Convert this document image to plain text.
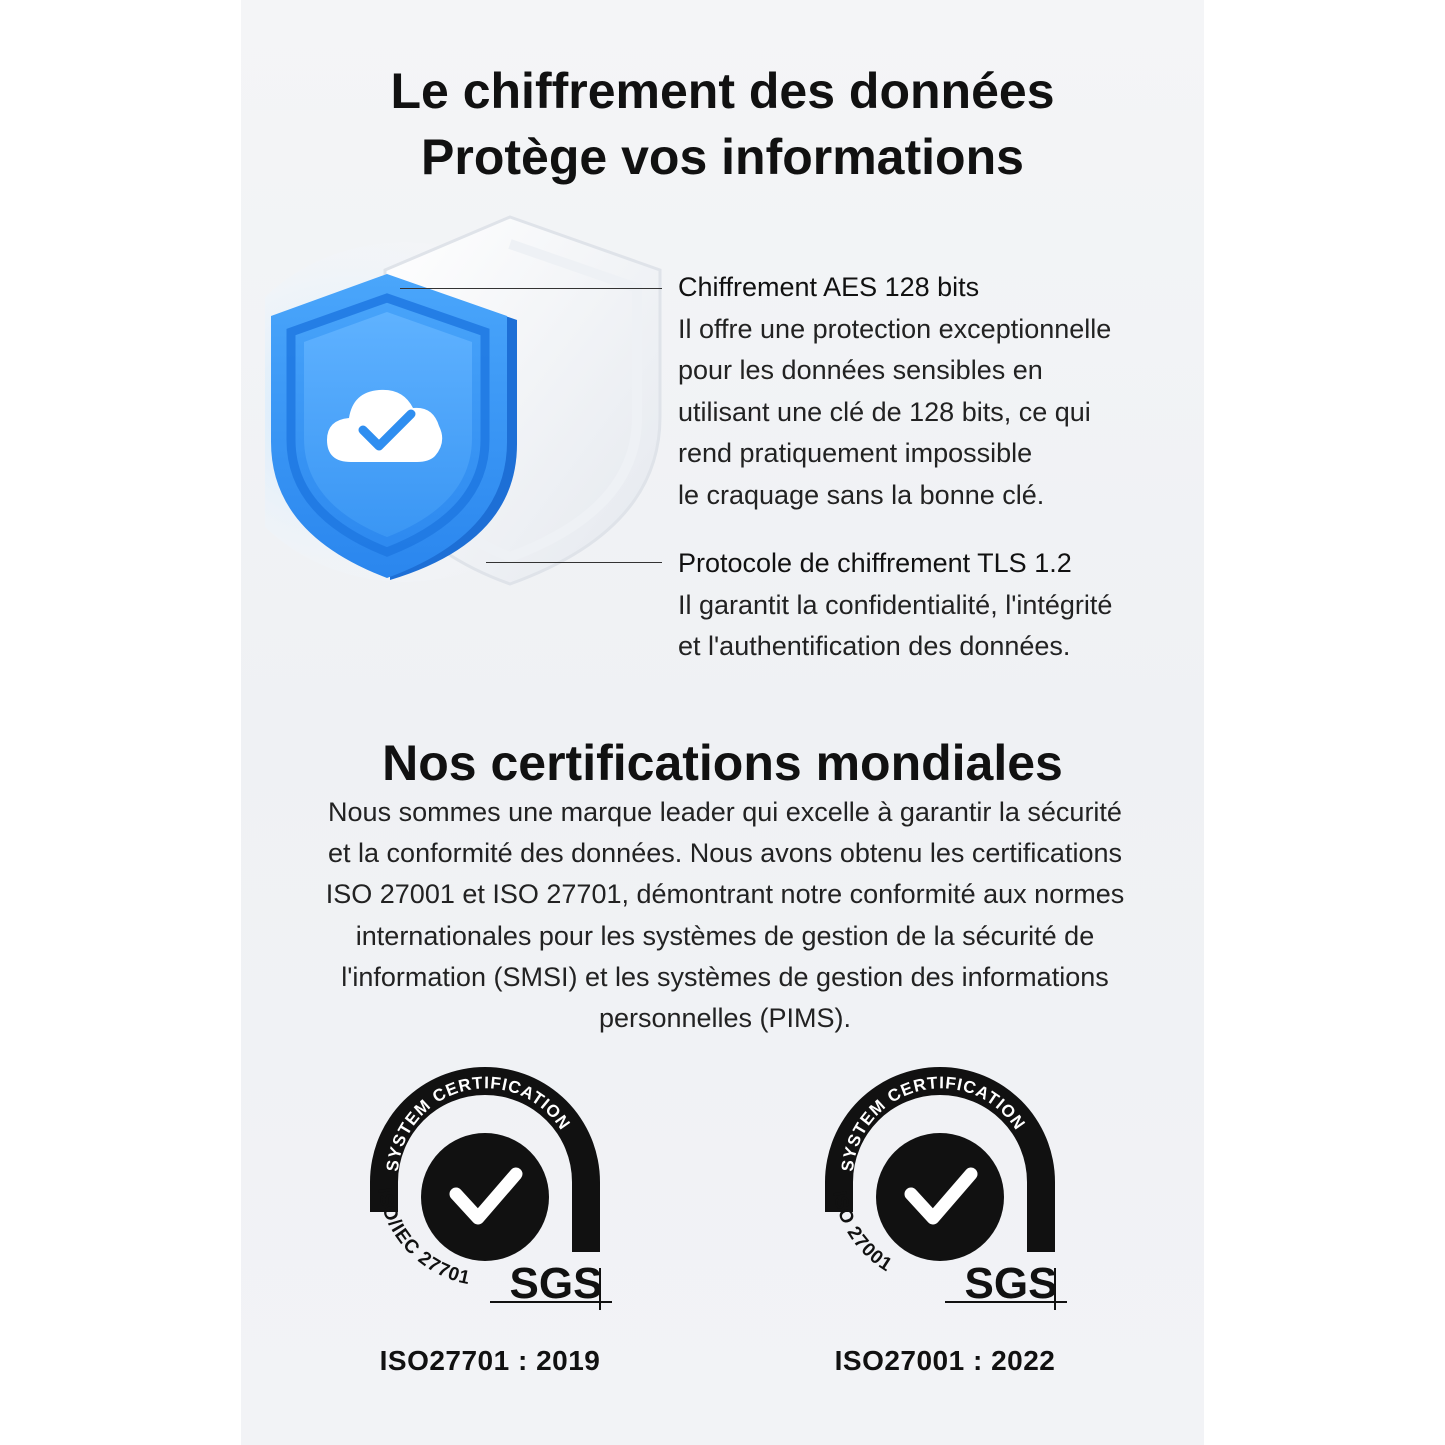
Le chiffrement des données
Protège vos informations
Chiffrement AES 128 bits
Il offre une protection exceptionnelle
pour les données sensibles en
utilisant une clé de 128 bits, ce qui
rend pratiquement impossible
le craquage sans la bonne clé.
Protocole de chiffrement TLS 1.2
Il garantit la confidentialité, l'intégrité
et l'authentification des données.
Nos certifications mondiales

Nous sommes une marque leader qui excelle à garantir la sécurité
et la conformité des données. Nous avons obtenu les certifications
ISO 27001 et ISO 27701, démontrant notre conformité aux normes
internationales pour les systèmes de gestion de la sécurité de
l'information (SMSI) et les systèmes de gestion des informations
personnelles (PIMS).

SYSTEM CERTIFICATION
ISO/IEC 27701 SGS
ISO27701 : 2019
SYSTEM CERTIFICATION
ISO 27001 SGS
ISO27001 : 2022
